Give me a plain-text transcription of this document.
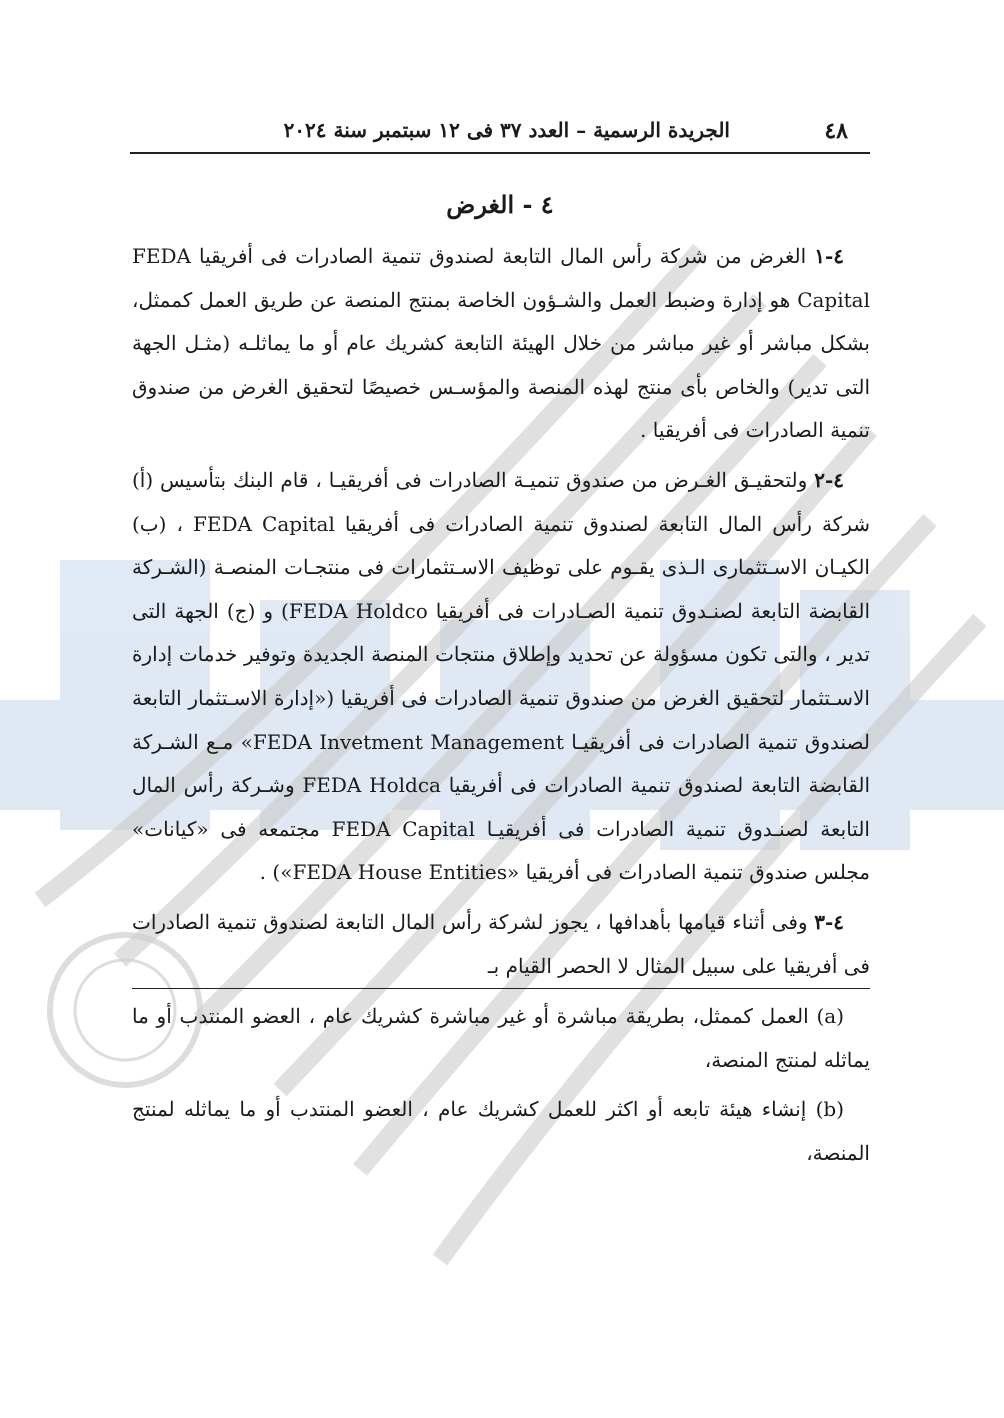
٤٨
الجريدة الرسمية – العدد ٣٧ فى ١٢ سبتمبر سنة ٢٠٢٤
٤ - الغرض

٤-١ الغرض من شركة رأس المال التابعة لصندوق تنمية الصادرات فى أفريقيا FEDA Capital هو إدارة وضبط العمل والشـؤون الخاصة بمنتج المنصة عن طريق العمل كممثل، بشكل مباشر أو غير مباشر من خلال الهيئة التابعة كشريك عام أو ما يماثلـه (مثـل الجهة التى تدير) والخاص بأى منتج لهذه المنصة والمؤسـس خصيصًا لتحقيق الغرض من صندوق تنمية الصادرات فى أفريقيا .

٤-٢ ولتحقيـق الغـرض من صندوق تنميـة الصادرات فى أفريقيـا ، قام البنك بتأسيس (أ) شركة رأس المال التابعة لصندوق تنمية الصادرات فى أفريقيا FEDA Capital ، (ب) الكيـان الاسـتثمارى الـذى يقـوم على توظيف الاسـتثمارات فى منتجـات المنصـة (الشـركة القابضة التابعة لصنـدوق تنمية الصـادرات فى أفريقيا FEDA Holdco) و (ج) الجهة التى تدير ، والتى تكون مسؤولة عن تحديد وإطلاق منتجات المنصة الجديدة وتوفير خدمات إدارة الاسـتثمار لتحقيق الغرض من صندوق تنمية الصادرات فى أفريقيا («إدارة الاسـتثمار التابعة لصندوق تنمية الصادرات فى أفريقيـا FEDA Invetment Management» مـع الشـركة القابضة التابعة لصندوق تنمية الصادرات فى أفريقيا FEDA Holdca وشـركة رأس المال التابعة لصنـدوق تنمية الصادرات فى أفريقيـا FEDA Capital مجتمعه فى «كيانات» مجلس صندوق تنمية الصادرات فى أفريقيا «FEDA House Entities») .

٤-٣ وفى أثناء قيامها بأهدافها ، يجوز لشركة رأس المال التابعة لصندوق تنمية الصادرات فى أفريقيا على سبيل المثال لا الحصر القيام بـ

(a) العمل كممثل، بطريقة مباشرة أو غير مباشرة كشريك عام ، العضو المنتدب أو ما يماثله لمنتج المنصة،

(b) إنشاء هيئة تابعه أو اكثر للعمل كشريك عام ، العضو المنتدب أو ما يماثله لمنتج المنصة،
